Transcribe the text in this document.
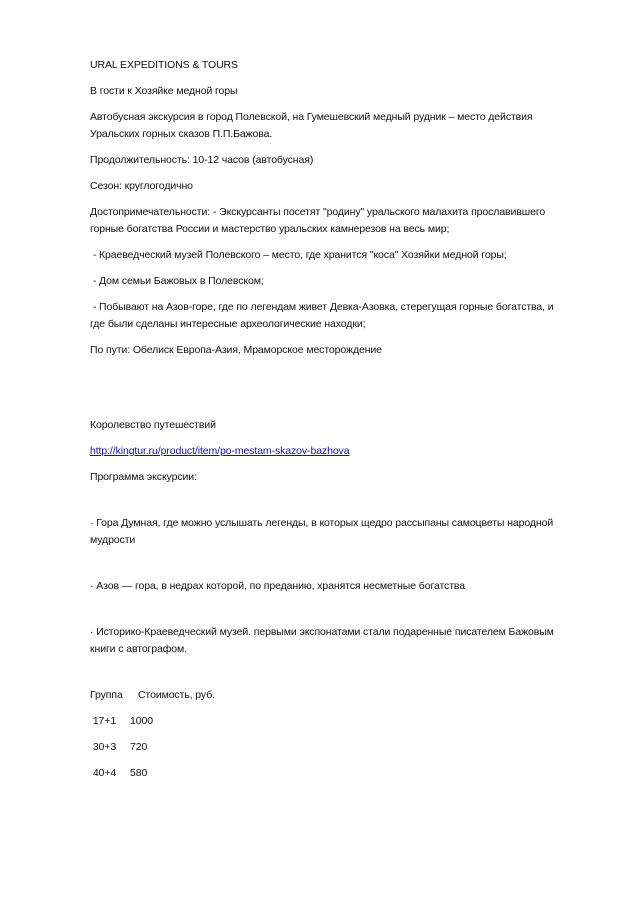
URAL EXPEDITIONS & TOURS
В гости к Хозяйке медной горы
Автобусная экскурсия в город Полевской, на Гумешевский медный рудник – место действия
Уральских горных сказов П.П.Бажова.
Продолжительность: 10-12 часов (автобусная)
Сезон: круглогодично
Достопримечательности: - Экскурсанты посетят "родину" уральского малахита прославившего
горные богатства России и мастерство уральских камнерезов на весь мир;
- Краеведческий музей Полевского – место, где хранится "коса" Хозяйки медной горы;
- Дом семьи Бажовых в Полевском;
- Побывают на Азов-горе, где по легендам живет Девка-Азовка, стерегущая горные богатства, и
где были сделаны интересные археологические находки;
По пути: Обелиск Европа-Азия, Мраморское месторождение
Королевство путешествий
http://kingtur.ru/product/item/po-mestam-skazov-bazhova
Программа экскурсии:
· Гора Думная, где можно услышать легенды, в которых щедро рассыпаны самоцветы народной
мудрости
· Азов — гора, в недрах которой, по преданию, хранятся несметные богатства
· Историко-Краеведческий музей. первыми экспонатами стали подаренные писателем Бажовым
книги с автографом.
Группа	Стоимость, руб.
17+1	1000
30+3	720
40+4	580
